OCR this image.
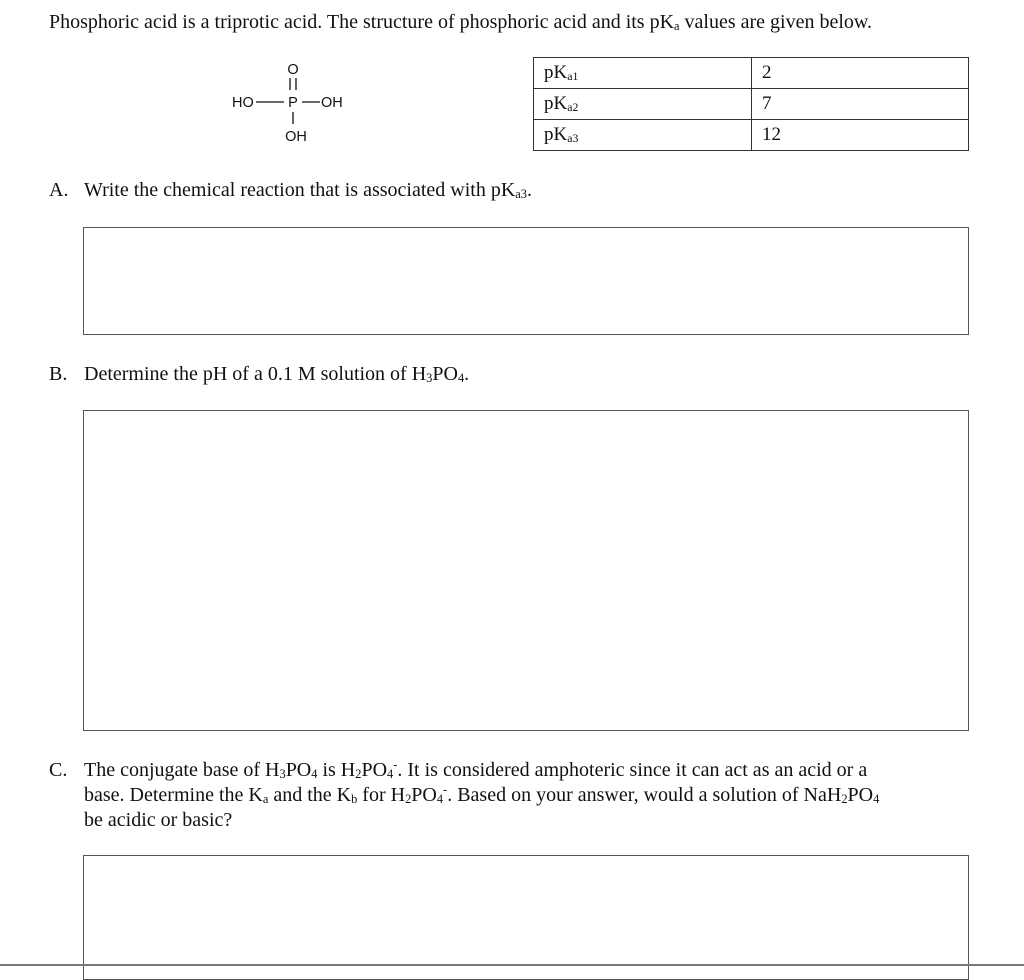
Phosphoric acid is a triprotic acid. The structure of phosphoric acid and its $pK_a$ values are given below.
O
HO P OH
OH
$pK_{a1}$	2
$pK_{a2}$	7
$pK_{a3}$	12
A. Write the chemical reaction that is associated with $pK_{a3}$.
B. Determine the pH of a 0.1 M solution of $H_3PO_4$.
C. The conjugate base of $H_3PO_4$ is $H_2PO_4^-$. It is considered amphoteric since it can act as an acid or a
base. Determine the $K_a$ and the $K_b$ for $H_2PO_4^-$. Based on your answer, would a solution of $NaH_2PO_4$
be acidic or basic?
